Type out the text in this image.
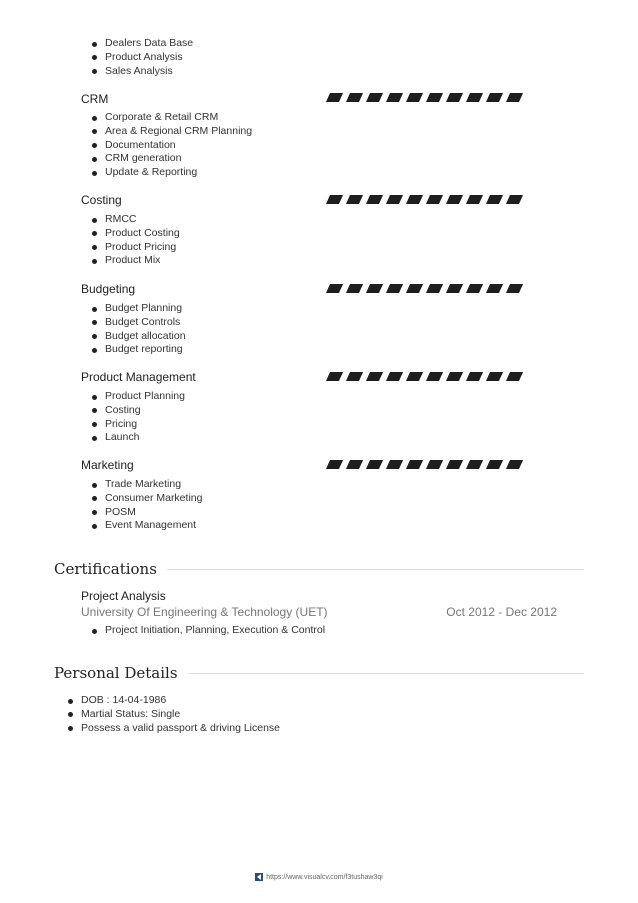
Dealers Data Base
Product Analysis
Sales Analysis
CRM
Corporate & Retail CRM
Area & Regional CRM Planning
Documentation
CRM generation
Update & Reporting
Costing
RMCC
Product Costing
Product Pricing
Product Mix
Budgeting
Budget Planning
Budget Controls
Budget allocation
Budget reporting
Product Management
Product Planning
Costing
Pricing
Launch
Marketing
Trade Marketing
Consumer Marketing
POSM
Event Management
Certifications
Project Analysis
University Of Engineering & Technology (UET)	Oct 2012 - Dec 2012
Project Initiation, Planning, Execution & Control
Personal Details
DOB : 14-04-1986
Martial Status: Single
Possess a valid passport & driving License
https://www.visualcv.com/f3tushaw3qi
